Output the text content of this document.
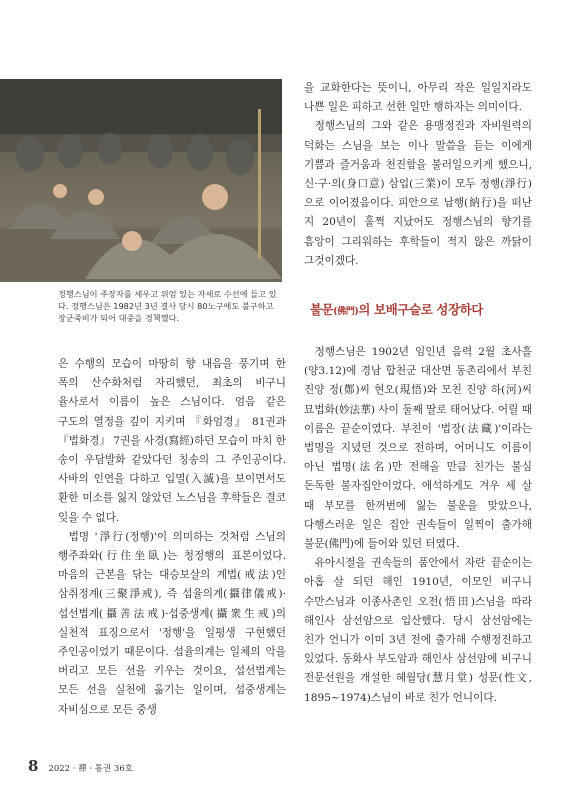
정행스님이 주장자를 세우고 위엄 있는 자세로 수선에 들고 있다. 정행스님은 1982년 3년 결사 당시 80노구에도 불구하고 장군죽비가 되어 대중을 경책했다.

은 수행의 모습이 마땅히 향 내음을 풍기며 한 폭의 산수화처럼 자리했던, 최초의 비구니 율사로서 이름이 높은 스님이다. 엄음 같은 구도의 열정을 깊이 지키며 『화엄경』 81권과 『법화경』 7권을 사경(寫經)하던 모습이 마치 한 송이 우담발화 같았다던 칭송의 그 주인공이다. 사바의 인연을 다하고 입멸(入滅)을 보이면서도 환한 미소를 잃지 않았던 노스님을 후학들은 결코 잊을 수 없다.

법명 '淨行(정행)'이 의미하는 것처럼 스님의 행주좌와(行住坐臥)는 청정행의 표본이었다. 마음의 근본을 닦는 대승보살의 계법(戒法)인 삼취정계(三聚淨戒), 즉 섭율의계(攝律儀戒)·섭선법계(攝善法戒)·섭중생계(攝衆生戒)의 실천적 표징으로서 '정행'을 일평생 구현했던 주인공이었기 때문이다. 섭율의계는 일체의 악을 버리고 모든 선을 키우는 것이요, 섭선법계는 모든 선을 실천에 옮기는 일이며, 섭중생계는 자비심으로 모든 중생

을 교화한다는 뜻이니, 아무리 작은 일일지라도 나쁜 일은 피하고 선한 일만 행하자는 의미이다.

정행스님의 그와 같은 용맹정진과 자비원력의 덕화는 스님을 보는 이나 말씀을 듣는 이에게 기쁨과 즐거움과 천진함을 불러일으키게 했으니, 신·구·의(身口意) 삼업(三業)이 모두 정행(淨行)으로 이어졌음이다. 피안으로 납행(納行)을 떠난 지 20년이 훌쩍 지났어도 정행스님의 향기를 흠앙이 그리워하는 후학들이 적지 않은 까닭이 그것이겠다.

불문(佛門)의 보배구슬로 성장하다

정행스님은 1902년 임인년 음력 2월 초사흘(양3.12)에 경남 합천군 대산면 동촌리에서 부친 진양 정(鄭)씨 현오(現悟)와 모친 진양 하(河)씨 묘법화(妙法華) 사이 둘째 딸로 태어났다. 어릴 때 이름은 끝순이였다. 부친이 '법장(法藏)'이라는 법명을 지녔던 것으로 전하며, 어머니도 이름이 아닌 법명(法名)만 전해올 만큼 친가는 불심 돈독한 불자집안이었다. 애석하게도 겨우 세 살 때 부모를 한꺼번에 잃는 불운을 맞았으나, 다행스러운 일은 집안 권속들이 일찍이 출가해 불문(佛門)에 들어와 있던 터였다.

유아시절을 권속들의 품안에서 자란 끝순이는 아홉 살 되던 해인 1910년, 이모인 비구니 수만스님과 이종사촌인 오전(悟田)스님을 따라 해인사 삼선암으로 입산했다. 당시 삼선암에는 친가 언니가 이미 3년 전에 출가해 수행정진하고 있었다. 동화사 부도암과 해인사 삼선암에 비구니 전문선원을 개설한 혜월당(慧月堂) 성문(性文, 1895~1974)스님이 바로 친가 언니이다.

8 2022 · 禪 · 통권 36호
